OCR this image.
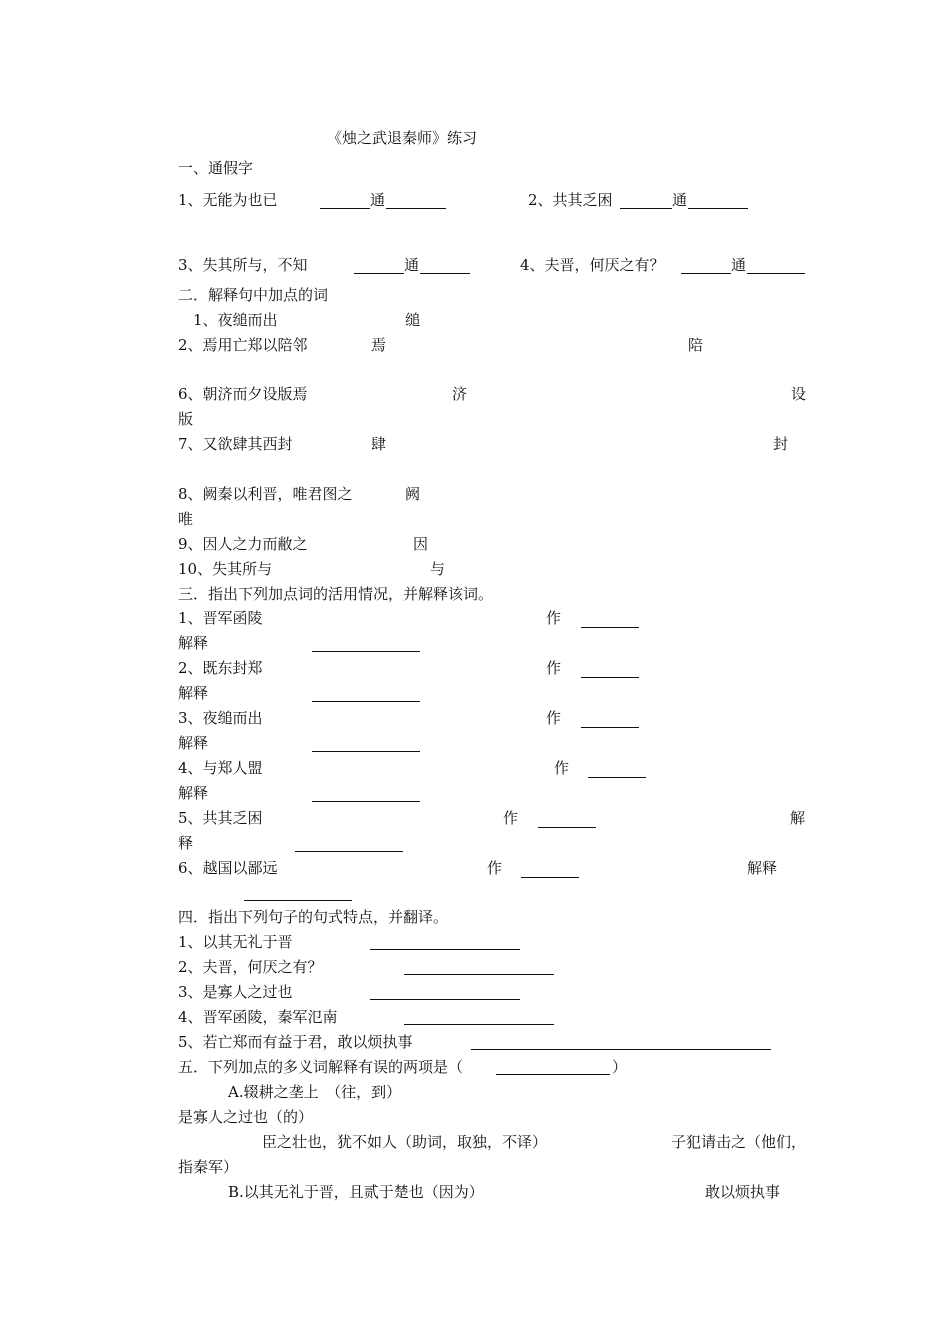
《烛之武退秦师》练习
一、通假字
1、无能为也已	通	2、共其乏困	通
3、失其所与，不知	通	4、夫晋，何厌之有？	通
二．解释句中加点的词
1、夜缒而出	缒
2、焉用亡郑以陪邻	焉	陪
6、朝济而夕设版焉	济	设
版
7、又欲肆其西封	肆	封
8、阙秦以利晋，唯君图之	阙
唯
9、因人之力而敝之	因
10、失其所与	与
三．指出下列加点词的活用情况，并解释该词。
1、晋军函陵	作
解释
2、既东封郑	作
解释
3、夜缒而出	作
解释
4、与郑人盟	作
解释
5、共其乏困	作	解
释
6、越国以鄙远	作	解释
四．指出下列句子的句式特点，并翻译。
1、以其无礼于晋
2、夫晋，何厌之有？
3、是寡人之过也
4、晋军函陵，秦军氾南
5、若亡郑而有益于君，敢以烦执事
五．下列加点的多义词解释有误的两项是（	）
A.辍耕之垄上　（往，到）
是寡人之过也（的）
臣之壮也，犹不如人（助词，取独，不译）	子犯请击之（他们，
指秦军）
B.以其无礼于晋，且贰于楚也（因为）	敢以烦执事
